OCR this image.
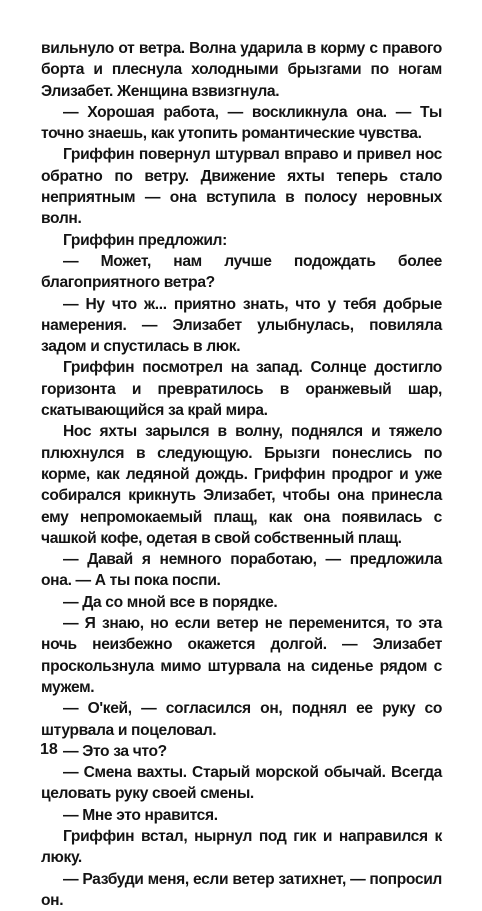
вильнуло от ветра. Волна ударила в корму с правого борта и плеснула холодными брызгами по ногам Элизабет. Женщина взвизгнула.

— Хорошая работа, — воскликнула она. — Ты точно знаешь, как утопить романтические чувства.

Гриффин повернул штурвал вправо и привел нос обратно по ветру. Движение яхты теперь стало неприятным — она вступила в полосу неровных волн.

Гриффин предложил:

— Может, нам лучше подождать более благоприятного ветра?

— Ну что ж... приятно знать, что у тебя добрые намерения. — Элизабет улыбнулась, повиляла задом и спустилась в люк.

Гриффин посмотрел на запад. Солнце достигло горизонта и превратилось в оранжевый шар, скатывающийся за край мира.

Нос яхты зарылся в волну, поднялся и тяжело плюхнулся в следующую. Брызги понеслись по корме, как ледяной дождь. Гриффин продрог и уже собирался крикнуть Элизабет, чтобы она принесла ему непромокаемый плащ, как она появилась с чашкой кофе, одетая в свой собственный плащ.

— Давай я немного поработаю, — предложила она. — А ты пока поспи.

— Да со мной все в порядке.

— Я знаю, но если ветер не переменится, то эта ночь неизбежно окажется долгой. — Элизабет проскользнула мимо штурвала на сиденье рядом с мужем.

— О'кей, — согласился он, поднял ее руку со штурвала и поцеловал.

— Это за что?

— Смена вахты. Старый морской обычай. Всегда целовать руку своей смены.

— Мне это нравится.

Гриффин встал, нырнул под гик и направился к люку.

— Разбуди меня, если ветер затихнет, — попросил он.

18
